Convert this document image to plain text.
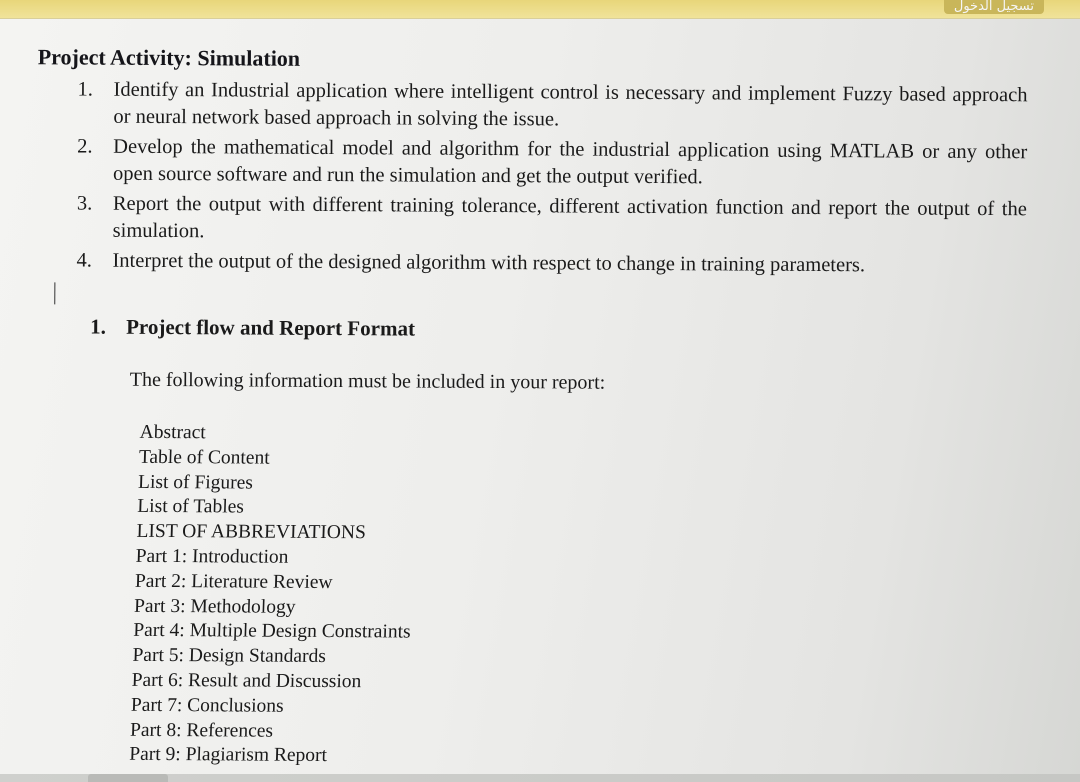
تسجيل الدخول
Project Activity: Simulation
1. Identify an Industrial application where intelligent control is necessary and implement Fuzzy based approach or neural network based approach in solving the issue.
2. Develop the mathematical model and algorithm for the industrial application using MATLAB or any other open source software and run the simulation and get the output verified.
3. Report the output with different training tolerance, different activation function and report the output of the simulation.
4. Interpret the output of the designed algorithm with respect to change in training parameters.
1. Project flow and Report Format
The following information must be included in your report:
Abstract
Table of Content
List of Figures
List of Tables
LIST OF ABBREVIATIONS
Part 1: Introduction
Part 2: Literature Review
Part 3: Methodology
Part 4: Multiple Design Constraints
Part 5: Design Standards
Part 6: Result and Discussion
Part 7: Conclusions
Part 8: References
Part 9: Plagiarism Report
